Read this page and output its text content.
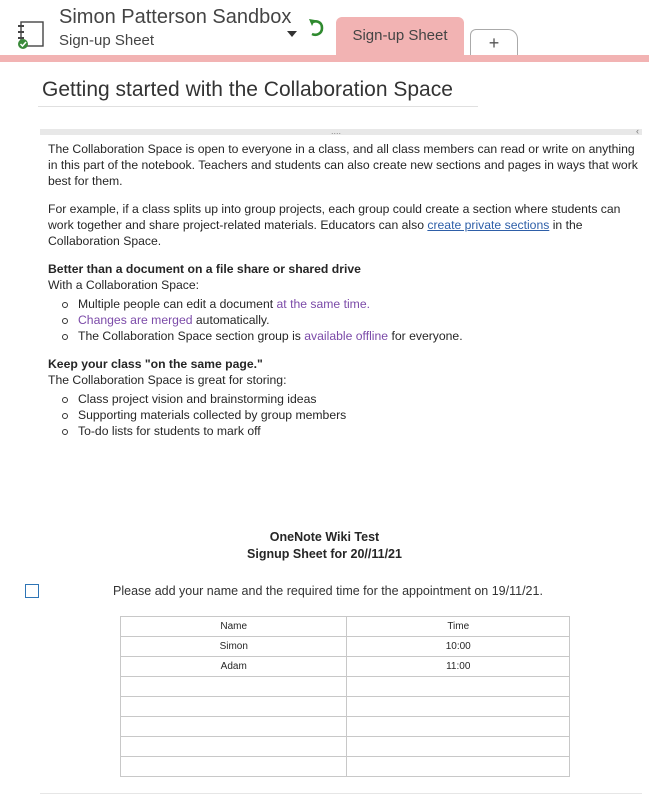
Simon Patterson Sandbox
Sign-up Sheet	Sign-up Sheet	+
Getting started with the Collaboration Space
....	‹

The Collaboration Space is open to everyone in a class, and all class members can read or write on anything in this part of the notebook. Teachers and students can also create new sections and pages in ways that work best for them.

For example, if a class splits up into group projects, each group could create a section where students can work together and share project-related materials. Educators can also create private sections in the Collaboration Space.

Better than a document on a file share or shared drive
With a Collaboration Space:
Multiple people can edit a document at the same time.
Changes are merged automatically.
The Collaboration Space section group is available offline for everyone.
Keep your class "on the same page."
The Collaboration Space is great for storing:
Class project vision and brainstorming ideas
Supporting materials collected by group members
To-do lists for students to mark off
OneNote Wiki Test
Signup Sheet for 20//11/21
Please add your name and the required time for the appointment on 19/11/21.
Name	Time
Simon	10:00
Adam	11:00
